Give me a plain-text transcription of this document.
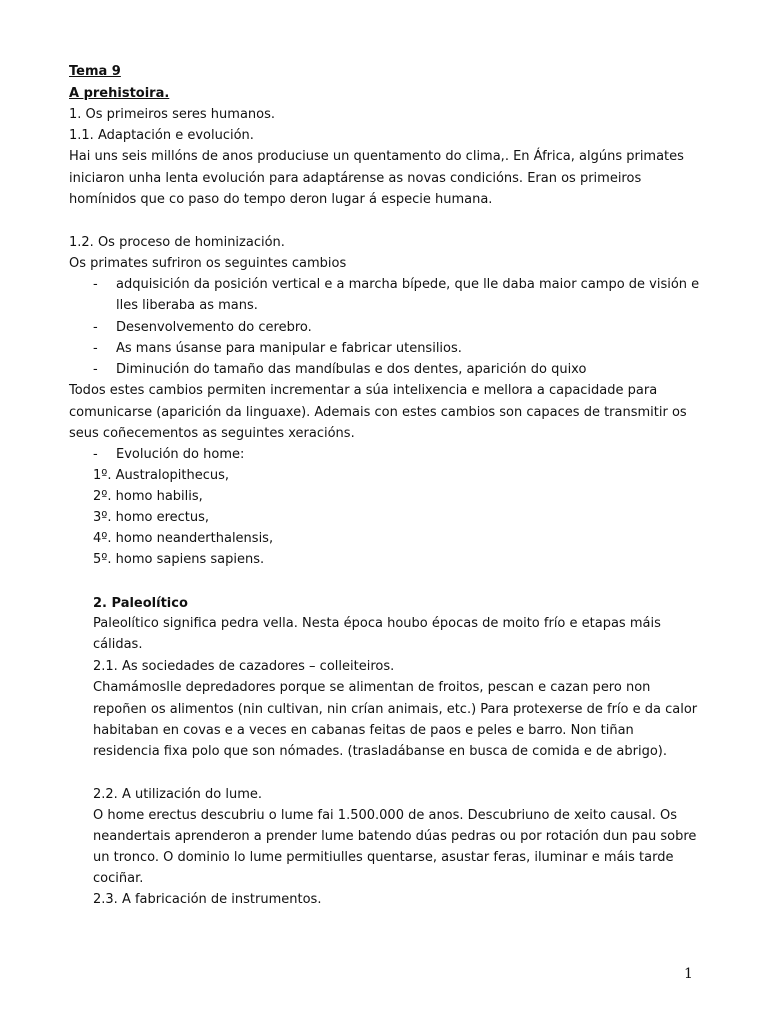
Tema 9
A prehistoira.
1. Os primeiros seres humanos.
1.1. Adaptación e evolución.
Hai uns seis millóns de anos produciuse un quentamento do clima,. En África, algúns primates
iniciaron unha lenta evolución para adaptárense as novas condicións. Eran os primeiros
homínidos que co paso do tempo deron lugar á especie humana.
1.2. Os proceso de hominización.
Os primates sufriron os seguintes cambios
- adquisición da posición vertical e a marcha bípede, que lle daba maior campo de visión e
lles liberaba as mans.
- Desenvolvemento do cerebro.
- As mans úsanse para manipular e fabricar utensilios.
- Diminución do tamaño das mandíbulas e dos dentes, aparición do quixo
Todos estes cambios permiten incrementar a súa intelixencia e mellora a capacidade para
comunicarse (aparición da linguaxe). Ademais con estes cambios son capaces de transmitir os
seus coñecementos as seguintes xeracións.
- Evolución do home:
1º. Australopithecus,
2º. homo habilis,
3º. homo erectus,
4º. homo neanderthalensis,
5º. homo sapiens sapiens.
2. Paleolítico
Paleolítico significa pedra vella. Nesta época houbo épocas de moito frío e etapas máis
cálidas.
2.1. As sociedades de cazadores – colleiteiros.
Chamámoslle depredadores porque se alimentan de froitos, pescan e cazan pero non
repoñen os alimentos (nin cultivan, nin crían animais, etc.) Para protexerse de frío e da calor
habitaban en covas e a veces en cabanas feitas de paos e peles e barro. Non tiñan
residencia fixa polo que son nómades. (trasladábanse en busca de comida e de abrigo).
2.2. A utilización do lume.
O home erectus descubriu o lume fai 1.500.000 de anos. Descubriuno de xeito causal. Os
neandertais aprenderon a prender lume batendo dúas pedras ou por rotación dun pau sobre
un tronco. O dominio lo lume permitiulles quentarse, asustar feras, iluminar e máis tarde
cociñar.
2.3. A fabricación de instrumentos.
1
